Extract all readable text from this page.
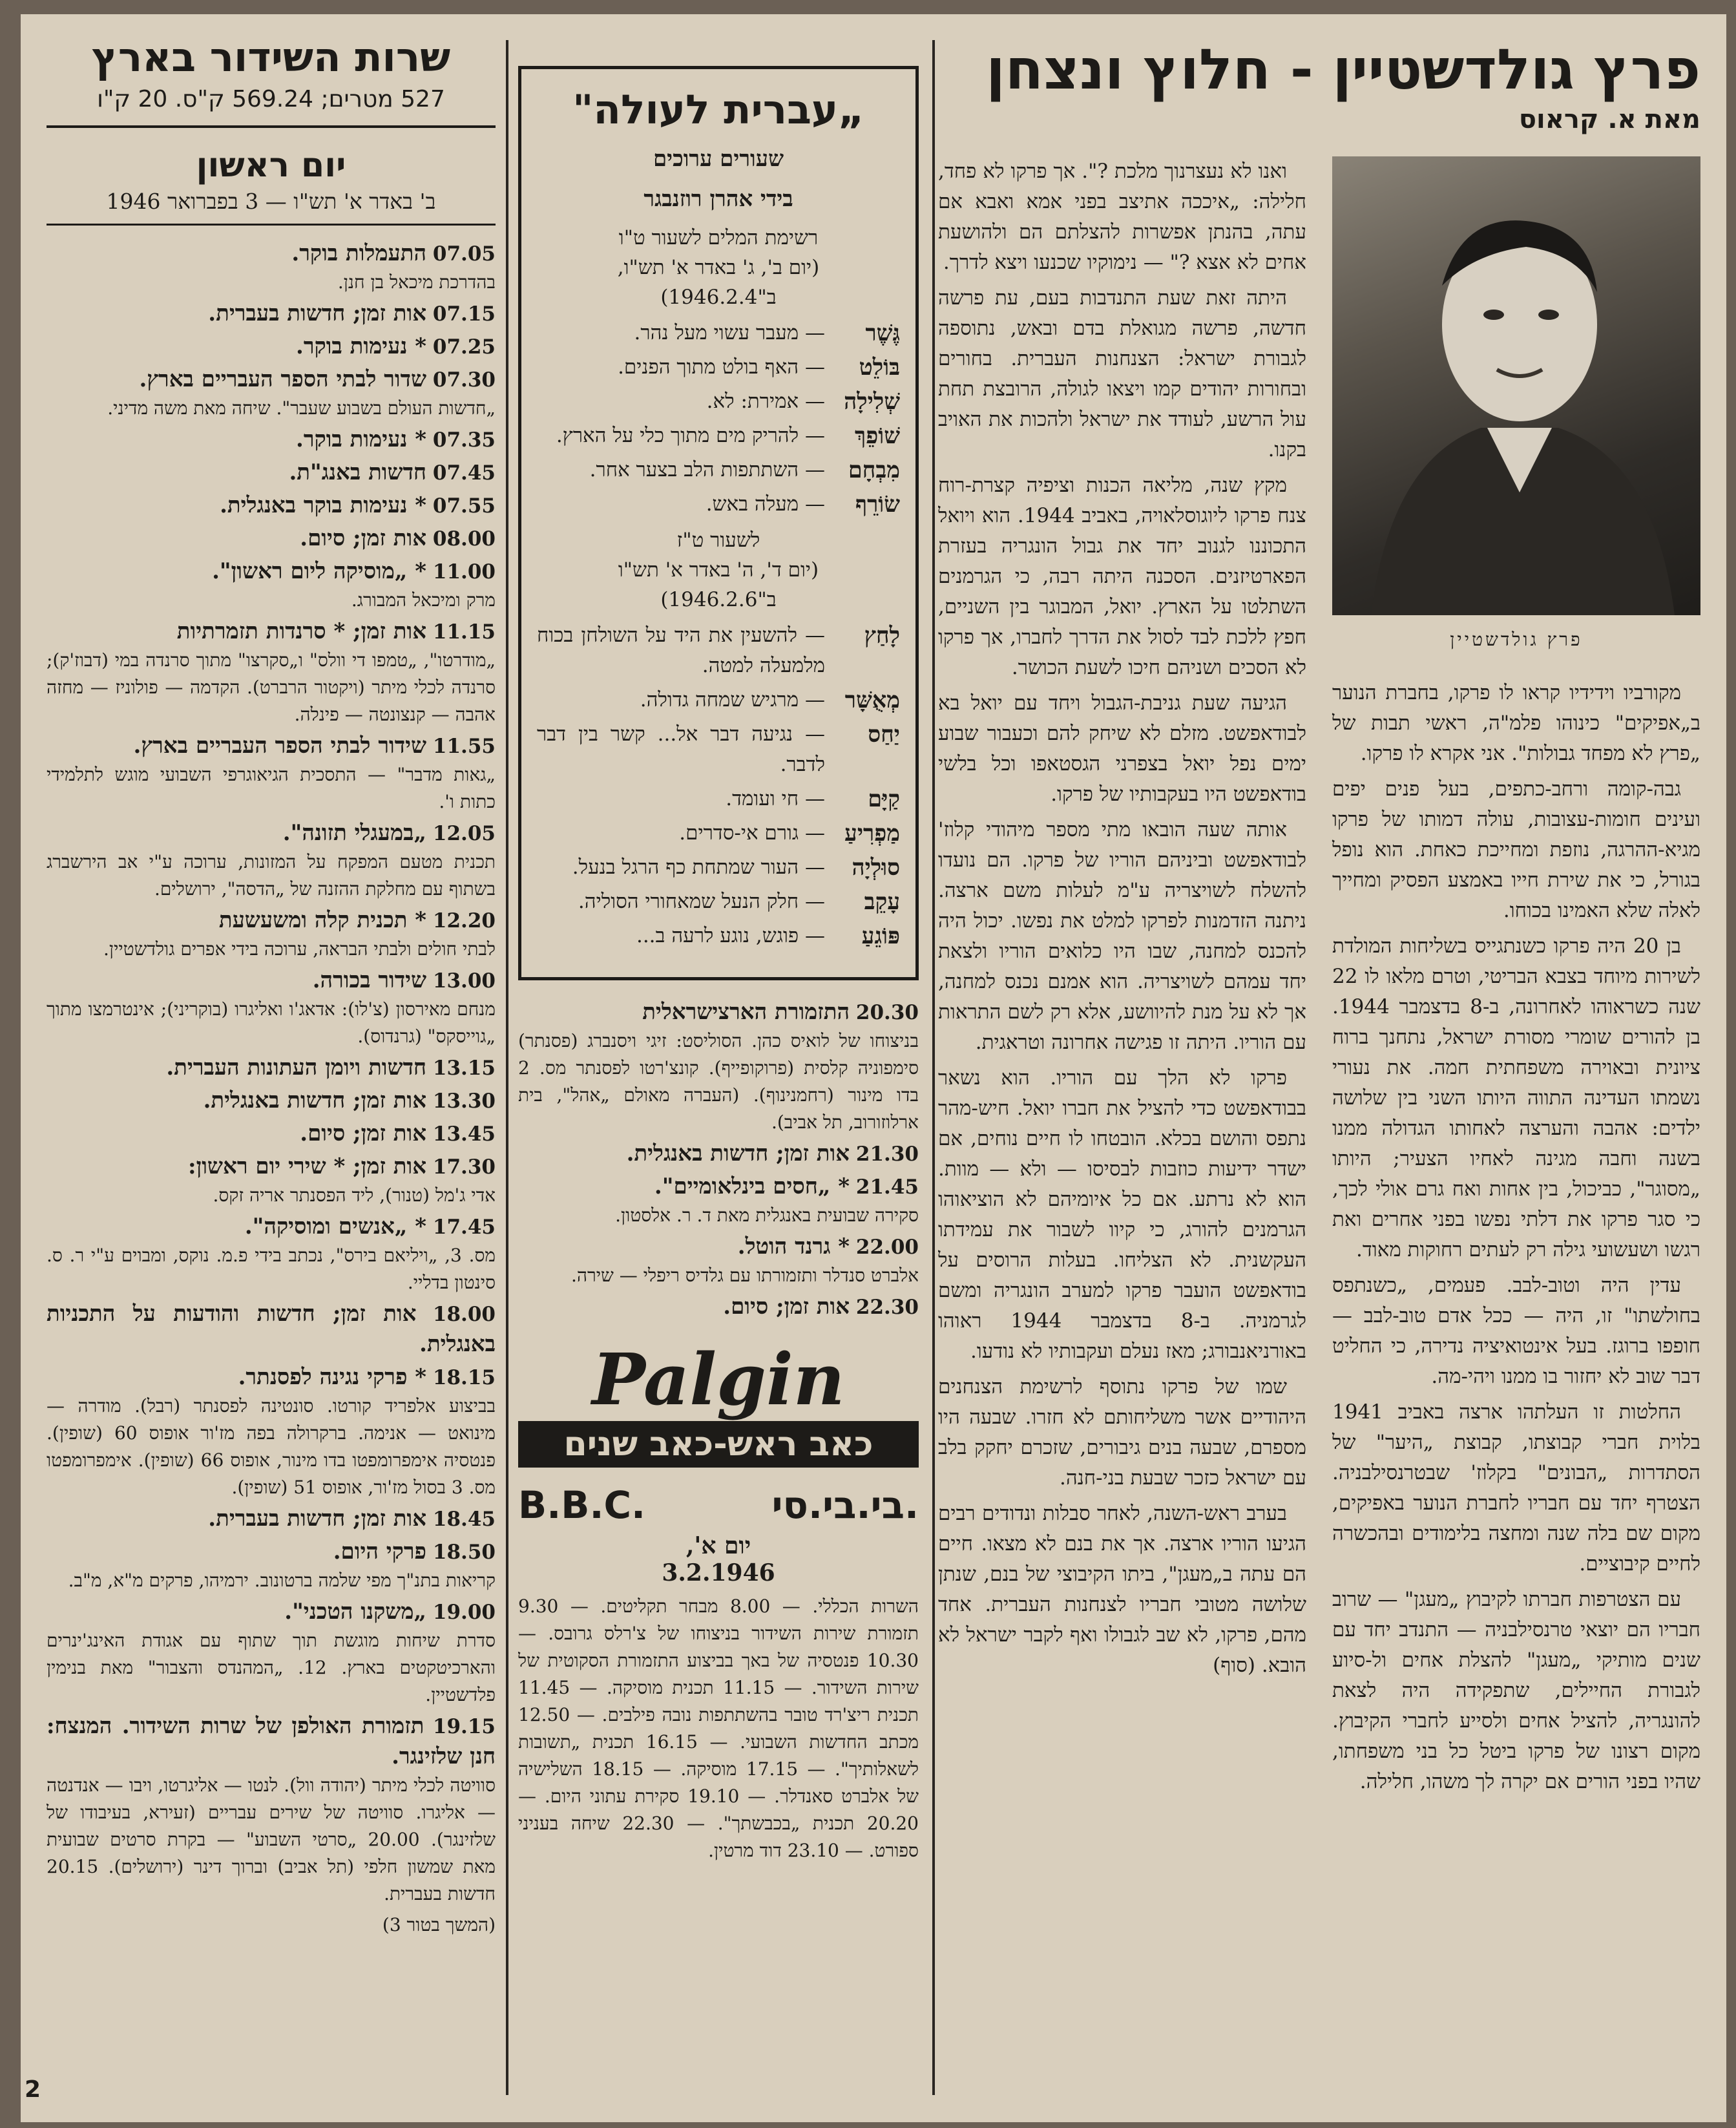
פרץ גולדשטיין - חלוץ ונצחן
מאת א. קראוס
פרץ גולדשטיין

מקורביו וידידיו קראו לו פרקו, בחברת הנוער ב„אפיקים" כינוהו פלמ"ה, ראשי תבות של „פרץ לא מפחד גבולות". אני אקרא לו פרקו.

גבה-קומה ורחב-כתפים, בעל פנים יפים ועינים חומות-עצובות, עולה דמותו של פרקו מגיא-ההרגה, נוזפת ומחייכת כאחת. הוא נופל בגורל, כי את שירת חייו באמצע הפסיק ומחייך לאלה שלא האמינו בכוחו.

בן 20 היה פרקו כשנתגייס בשליחות המולדת לשירות מיוחד בצבא הבריטי, וטרם מלאו לו 22 שנה כשראוהו לאחרונה, ב-8 בדצמבר 1944. בן להורים שומרי מסורת ישראל, נתחנך ברוח ציונית ובאוירה משפחתית חמה. את נעורי נשמתו העדינה התווה היותו השני בין שלושה ילדים: אהבה והערצה לאחותו הגדולה ממנו בשנה וחבה מגינה לאחיו הצעיר; היותו „מסוגר", כביכול, בין אחות ואח גרם אולי לכך, כי סגר פרקו את דלתי נפשו בפני אחרים ואת רגשו ושעשועי גילה רק לעתים רחוקות מאוד.

עדין היה וטוב-לבב. פעמים, „כשנתפס בחולשתו" זו, היה — ככל אדם טוב-לבב — חופפו ברוגז. בעל אינטואיציה נדירה, כי החליט דבר שוב לא יחזור בו ממנו ויהי-מה.

החלטות זו העלתהו ארצה באביב 1941 בלוית חברי קבוצתו, קבוצת „היער" של הסתדרות „הבונים" בקלוז' שבטרנסילבניה. הצטרף יחד עם חבריו לחברת הנוער באפיקים, מקום שם בלה שנה ומחצה בלימודים ובהכשרה לחיים קיבוציים.

עם הצטרפות חברתו לקיבוץ „מעגן" — שרוב חבריו הם יוצאי טרנסילבניה — התנדב יחד עם שנים מותיקי „מעגן" להצלת אחים ול-סיוע לגבורת החיילים, שתפקידה היה לצאת להונגריה, להציל אחים ולסייע לחברי הקיבוץ. מקום רצונו של פרקו ביטל כל בני משפחתו, שהיו בפני הורים אם יקרה לך משהו, חלילה.

ואנו לא נעצרנוך מלכת ?". אך פרקו לא פחד, חלילה: „איככה אתיצב בפני אמא ואבא אם עתה, בהנתן אפשרות להצלתם הם ולהושעת אחים לא אצא ?" — נימוקיו שכנעו ויצא לדרך.

היתה זאת שעת התנדבות בעם, עת פרשה חדשה, פרשה מגואלת בדם ובאש, נתוספה לגבורת ישראל: הצנחנות העברית. בחורים ובחורות יהודים קמו ויצאו לגולה, הרובצת תחת עול הרשע, לעודד את ישראל ולהכות את האויב בקנו.

מקץ שנה, מליאה הכנות וציפיה קצרת-רוח צנח פרקו ליוגוסלאויה, באביב 1944. הוא ויואל התכוננו לגנוב יחד את גבול הונגריה בעזרת הפארטיזנים. הסכנה היתה רבה, כי הגרמנים השתלטו על הארץ. יואל, המבוגר בין השניים, חפץ ללכת לבד לסול את הדרך לחברו, אך פרקו לא הסכים ושניהם חיכו לשעת הכושר.

הגיעה שעת גניבת-הגבול ויחד עם יואל בא לבודאפשט. מזלם לא שיחק להם וכעבור שבוע ימים נפל יואל בצפרני הגסטאפו וכל בלשי בודאפשט היו בעקבותיו של פרקו.

אותה שעה הובאו מתי מספר מיהודי קלוז' לבודאפשט וביניהם הוריו של פרקו. הם נועדו להשלח לשויצריה ע"מ לעלות משם ארצה. ניתנה הזדמנות לפרקו למלט את נפשו. יכול היה להכנס למחנה, שבו היו כלואים הוריו ולצאת יחד עמהם לשויצריה. הוא אמנם נכנס למחנה, אך לא על מנת להיוושע, אלא רק לשם התראות עם הוריו. היתה זו פגישה אחרונה וטראגית.

פרקו לא הלך עם הוריו. הוא נשאר בבודאפשט כדי להציל את חברו יואל. חיש-מהר נתפס והושם בכלא. הובטחו לו חיים נוחים, אם ישדר ידיעות כוזבות לבסיסו — ולא — מוות. הוא לא נרתע. אם כל איומיהם לא הוציאוהו הגרמנים להורג, כי קיוו לשבור את עמידתו העקשנית. לא הצליחו. בעלות הרוסים על בודאפשט הועבר פרקו למערב הונגריה ומשם לגרמניה. ב-8 בדצמבר 1944 ראוהו באורניאנבורג; מאז נעלם ועקבותיו לא נודעו.

שמו של פרקו נתוסף לרשימת הצנחנים היהודיים אשר משליחותם לא חזרו. שבעה היו מספרם, שבעה בנים גיבורים, שזכרם יחקק בלב עם ישראל כזכר שבעת בני-חנה.

בערב ראש-השנה, לאחר סבלות ונדודים רבים הגיעו הוריו ארצה. אך את בנם לא מצאו. חיים הם עתה ב„מעגן", ביתו הקיבוצי של בנם, שנתן שלושה מטובי חבריו לצנחנות העברית. אחד מהם, פרקו, לא שב לגבולו ואף לקבר ישראל לא הובא. (סוף)

„עברית לעולה"
שעורים ערוכים
בידי אהרן רוזנבגר
רשימת המלים לשעור ט"ו
(יום ב', ג' באדר א' תש"ו,
ב"1946.2.4)
גֶּשֶׁר
— מעבר עשוי מעל נהר.
בּוֹלֵט
— האף בולט מתוך הפנים.
שְׁלִילָה
— אמירת: לא.
שׁוֹפֵךְ
— להריק מים מתוך כלי על הארץ.
מִבְחָם
— השתתפות הלב בצער אחר.
שׂוֹרֵף
— מעלה באש.
לשעור ט"ז
(יום ד', ה' באדר א' תש"ו
ב"1946.2.6)
לָחַץ
— להשעין את היד על השולחן בכוח מלמעלה למטה.
מְאֻשָּׁר
— מרגיש שמחה גדולה.
יַחַס
— נגיעה דבר אל... קשר בין דבר לדבר.
קַיָּם
— חי ועומד.
מַפְרִיעַ
— גורם אי-סדרים.
סוּלְיָה
— העור שמתחת כף הרגל בנעל.
עָקֵב
— חלק הנעל שמאחורי הסוליה.
פּוֹגֵעַ
— פוגש, נוגע לרעה ב...
20.30 התזמורת הארצישראלית
בניצוחו של לואיס כהן. הסוליסט: זיגי ויסנברג (פסנתר) סימפוניה קלסית (פרוקופייף). קונצ'רטו לפסנתר מס. 2 בדו מינור (רחמנינוף). (העברה מאולם „אהל", בית ארלוזורוב, תל אביב).
21.30 אות זמן; חדשות באנגלית.
21.45 * „חסים בינלאומיים".
סקירה שבועית באנגלית מאת ד. ר. אלסטון.
22.00 * גרנד הוטל.
אלברט סנדלר ותזמורתו עם גלדיס ריפלי — שירה.
22.30 אות זמן; סיום.
Palgin
כאב ראש-כאב שנים
B.B.C.	בי.בי.סי.
יום א',
3.2.1946
השרות הכללי. — 8.00 מבחר תקליטים. — 9.30 תזמורת שירות השידור בניצוחו של צ'רלס גרובס. — 10.30 פנטסיה של באך בביצוע התזמורת הסקוטית של שירות השידור. — 11.15 תכנית מוסיקה. — 11.45 תכנית ריצ'רד טובר בהשתתפות נובה פילבים. — 12.50 מכתב החדשות השבועי. — 16.15 תכנית „תשובות לשאלותיך". — 17.15 מוסיקה. — 18.15 השלישיה של אלברט סאנדלר. — 19.10 סקירת עתוני היום. — 20.20 תכנית „בכבשתך". — 22.30 שיחה בעניני ספורט. — 23.10 דוד מרטין.
שרות השידור בארץ
527 מטרים; 569.24 ק"ס. 20 ק"ו
יום ראשון
ב' באדר א' תש"ו — 3 בפברואר 1946
07.05 התעמלות בוקר.
בהדרכת מיכאל בן חנן.
07.15 אות זמן; חדשות בעברית.
07.25 * נעימות בוקר.
07.30 שדור לבתי הספר העבריים בארץ.
„חדשות העולם בשבוע שעבר". שיחה מאת משה מדיני.
07.35 * נעימות בוקר.
07.45 חדשות באנג"ת.
07.55 * נעימות בוקר באנגלית.
08.00 אות זמן; סיום.
11.00 * „מוסיקה ליום ראשון".
מרק ומיכאל המבורג.
11.15 אות זמן; * סרנדות תזמרתיות
„מודרטו", „טמפו די וולס" ו„סקרצו" מתוך סרנדה במי (דבוז'ק); סרנדה לכלי מיתר (ויקטור הרברט). הקדמה — פולוניז — מחזה אהבה — קנצונטה — פינלה.
11.55 שידור לבתי הספר העבריים בארץ.
„גאות מדבר" — התסכית הגיאוגרפי השבועי מוגש לתלמידי כתות ו'.
12.05 „במעגלי תזונה".
תכנית מטעם המפקח על המזונות, ערוכה ע"י אב הירשברג בשתוף עם מחלקת ההזנה של „הדסה", ירושלים.
12.20 * תכנית קלה ומשעשעת
לבתי חולים ולבתי הבראה, ערוכה בידי אפרים גולדשטיין.
13.00 שידור בכורה.
מנחם מאירסון (צ'לו): אדאג'ו ואליגרו (בוקריני); אינטרמצו מתוך „גוייסקס" (גרנדוס).
13.15 חדשות ויומן העתונות העברית.
13.30 אות זמן; חדשות באנגלית.
13.45 אות זמן; סיום.
17.30 אות זמן; * שירי יום ראשון:
אדי ג'מל (טנור), ליד הפסנתר אריה זקס.
17.45 * „אנשים ומוסיקה".
מס. 3, „ויליאם בירס", נכתב בידי פ.מ. נוקס, ומבוים ע"י ר. ס. סינטון בדליי.
18.00 אות זמן; חדשות והודעות על התכניות באנגלית.
18.15 * פרקי נגינה לפסנתר.
בביצוע אלפריד קורטו. סונטינה לפסנתר (רבל). מודרה — מינואט — אנימה. ברקרולה בפה מז'ור אופוס 60 (שופין). פנטסיה אימפרומפטו בדו מינור, אופוס 66 (שופין). אימפרומפטו מס. 3 בסול מז'ור, אופוס 51 (שופין).
18.45 אות זמן; חדשות בעברית.
18.50 פרקי היום.
קריאות בתנ"ך מפי שלמה ברטונוב. ירמיהו, פרקים מ"א, מ"ב.
19.00 „משקנו הטכני".
סדרת שיחות מוגשת תוך שתוף עם אגודת האינג'ינרים והארכיטקטים בארץ. 12. „המהנדס והצבור" מאת בנימין פלדשטיין.
19.15 תזמורת האולפן של שרות השידור. המנצח: חנן שלזינגר.
סוויטה לכלי מיתר (יהודה וול). לנטו — אליגרטו, ויבו — אנדנטה — אליגרו. סוויטה של שירים עבריים (זעירא, בעיבודו של שלזינגר). 20.00 „סרטי השבוע" — בקרת סרטים שבועית מאת שמשון חלפי (תל אביב) וברוך דינר (ירושלים). 20.15 חדשות בעברית.
(המשך בטור 3)
2
